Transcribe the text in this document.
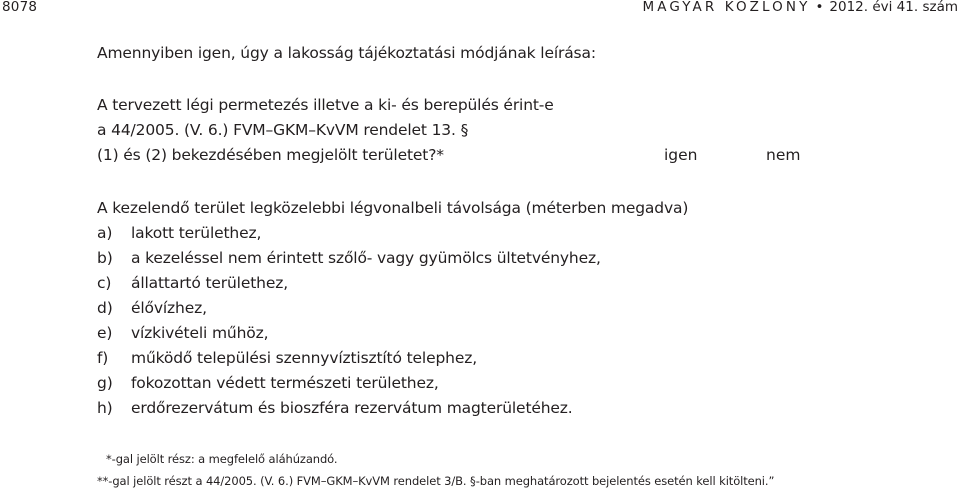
8078	MAGYAR KÖZLÖNY • 2012. évi 41. szám
Amennyiben igen, úgy a lakosság tájékoztatási módjának leírása:
A tervezett légi permetezés illetve a ki- és berepülés érint-e
a 44/2005. (V. 6.) FVM–GKM–KvVM rendelet 13. §
(1) és (2) bekezdésében megjelölt területet?*	igen	nem
A kezelendő terület legközelebbi légvonalbeli távolsága (méterben megadva)
a) lakott területhez,
b) a kezeléssel nem érintett szőlő- vagy gyümölcs ültetvényhez,
c) állattartó területhez,
d) élővízhez,
e) vízkivételi műhöz,
f) működő települési szennyvíztisztító telephez,
g) fokozottan védett természeti területhez,
h) erdőrezervátum és bioszféra rezervátum magterületéhez.
*-gal jelölt rész: a megfelelő aláhúzandó.
**-gal jelölt részt a 44/2005. (V. 6.) FVM–GKM–KvVM rendelet 3/B. §-ban meghatározott bejelentés esetén kell kitölteni.”
